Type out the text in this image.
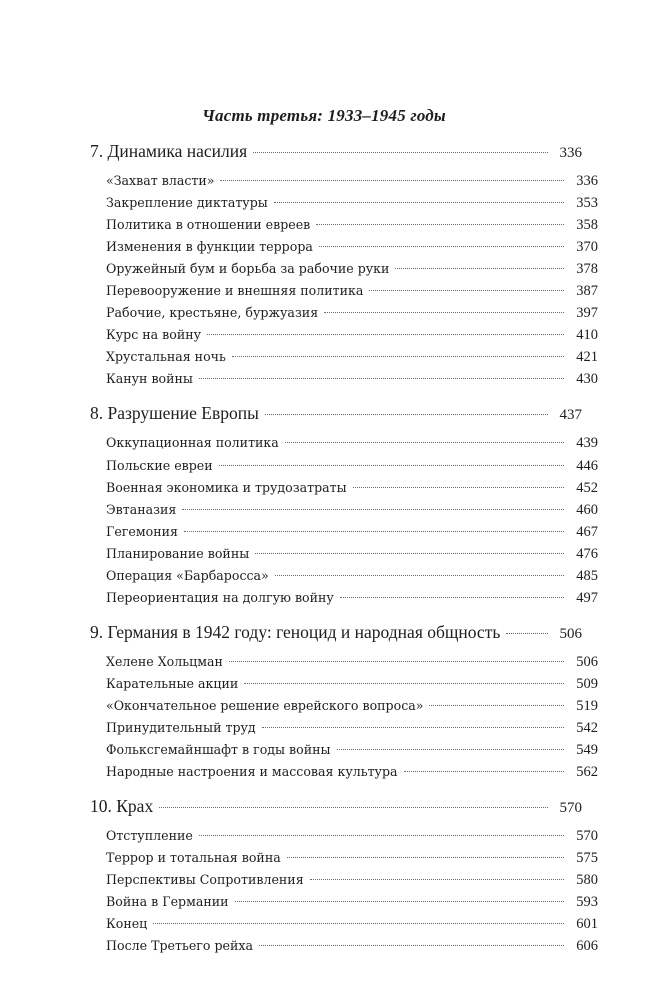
Часть третья: 1933–1945 годы
7. Динамика насилия	336
«Захват власти»	336
Закрепление диктатуры	353
Политика в отношении евреев	358
Изменения в функции террора	370
Оружейный бум и борьба за рабочие руки	378
Перевооружение и внешняя политика	387
Рабочие, крестьяне, буржуазия	397
Курс на войну	410
Хрустальная ночь	421
Канун войны	430
8. Разрушение Европы	437
Оккупационная политика	439
Польские евреи	446
Военная экономика и трудозатраты	452
Эвтаназия	460
Гегемония	467
Планирование войны	476
Операция «Барбаросса»	485
Переориентация на долгую войну	497
9. Германия в 1942 году: геноцид и народная общность	506
Хелене Хольцман	506
Карательные акции	509
«Окончательное решение еврейского вопроса»	519
Принудительный труд	542
Фольксгемайншафт в годы войны	549
Народные настроения и массовая культура	562
10. Крах	570
Отступление	570
Террор и тотальная война	575
Перспективы Сопротивления	580
Война в Германии	593
Конец	601
После Третьего рейха	606
